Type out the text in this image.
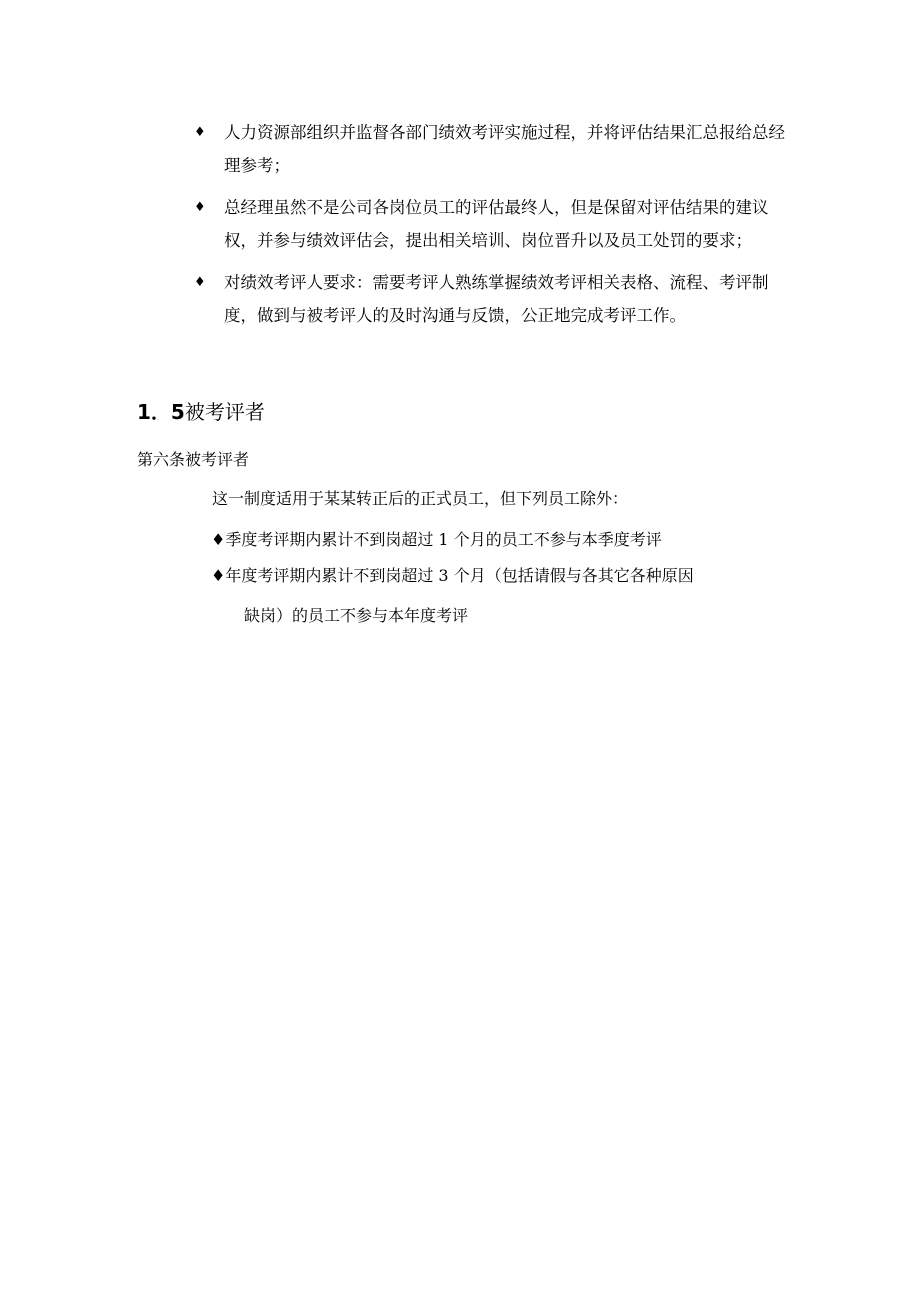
♦ 人力资源部组织并监督各部门绩效考评实施过程，并将评估结果汇总报给总经理参考；
♦ 总经理虽然不是公司各岗位员工的评估最终人，但是保留对评估结果的建议权，并参与绩效评估会，提出相关培训、岗位晋升以及员工处罚的要求；
♦ 对绩效考评人要求：需要考评人熟练掌握绩效考评相关表格、流程、考评制度，做到与被考评人的及时沟通与反馈，公正地完成考评工作。
1．5被考评者
第六条被考评者
这一制度适用于某某转正后的正式员工，但下列员工除外：
♦季度考评期内累计不到岗超过 1 个月的员工不参与本季度考评
♦年度考评期内累计不到岗超过 3 个月（包括请假与各其它各种原因
缺岗）的员工不参与本年度考评
